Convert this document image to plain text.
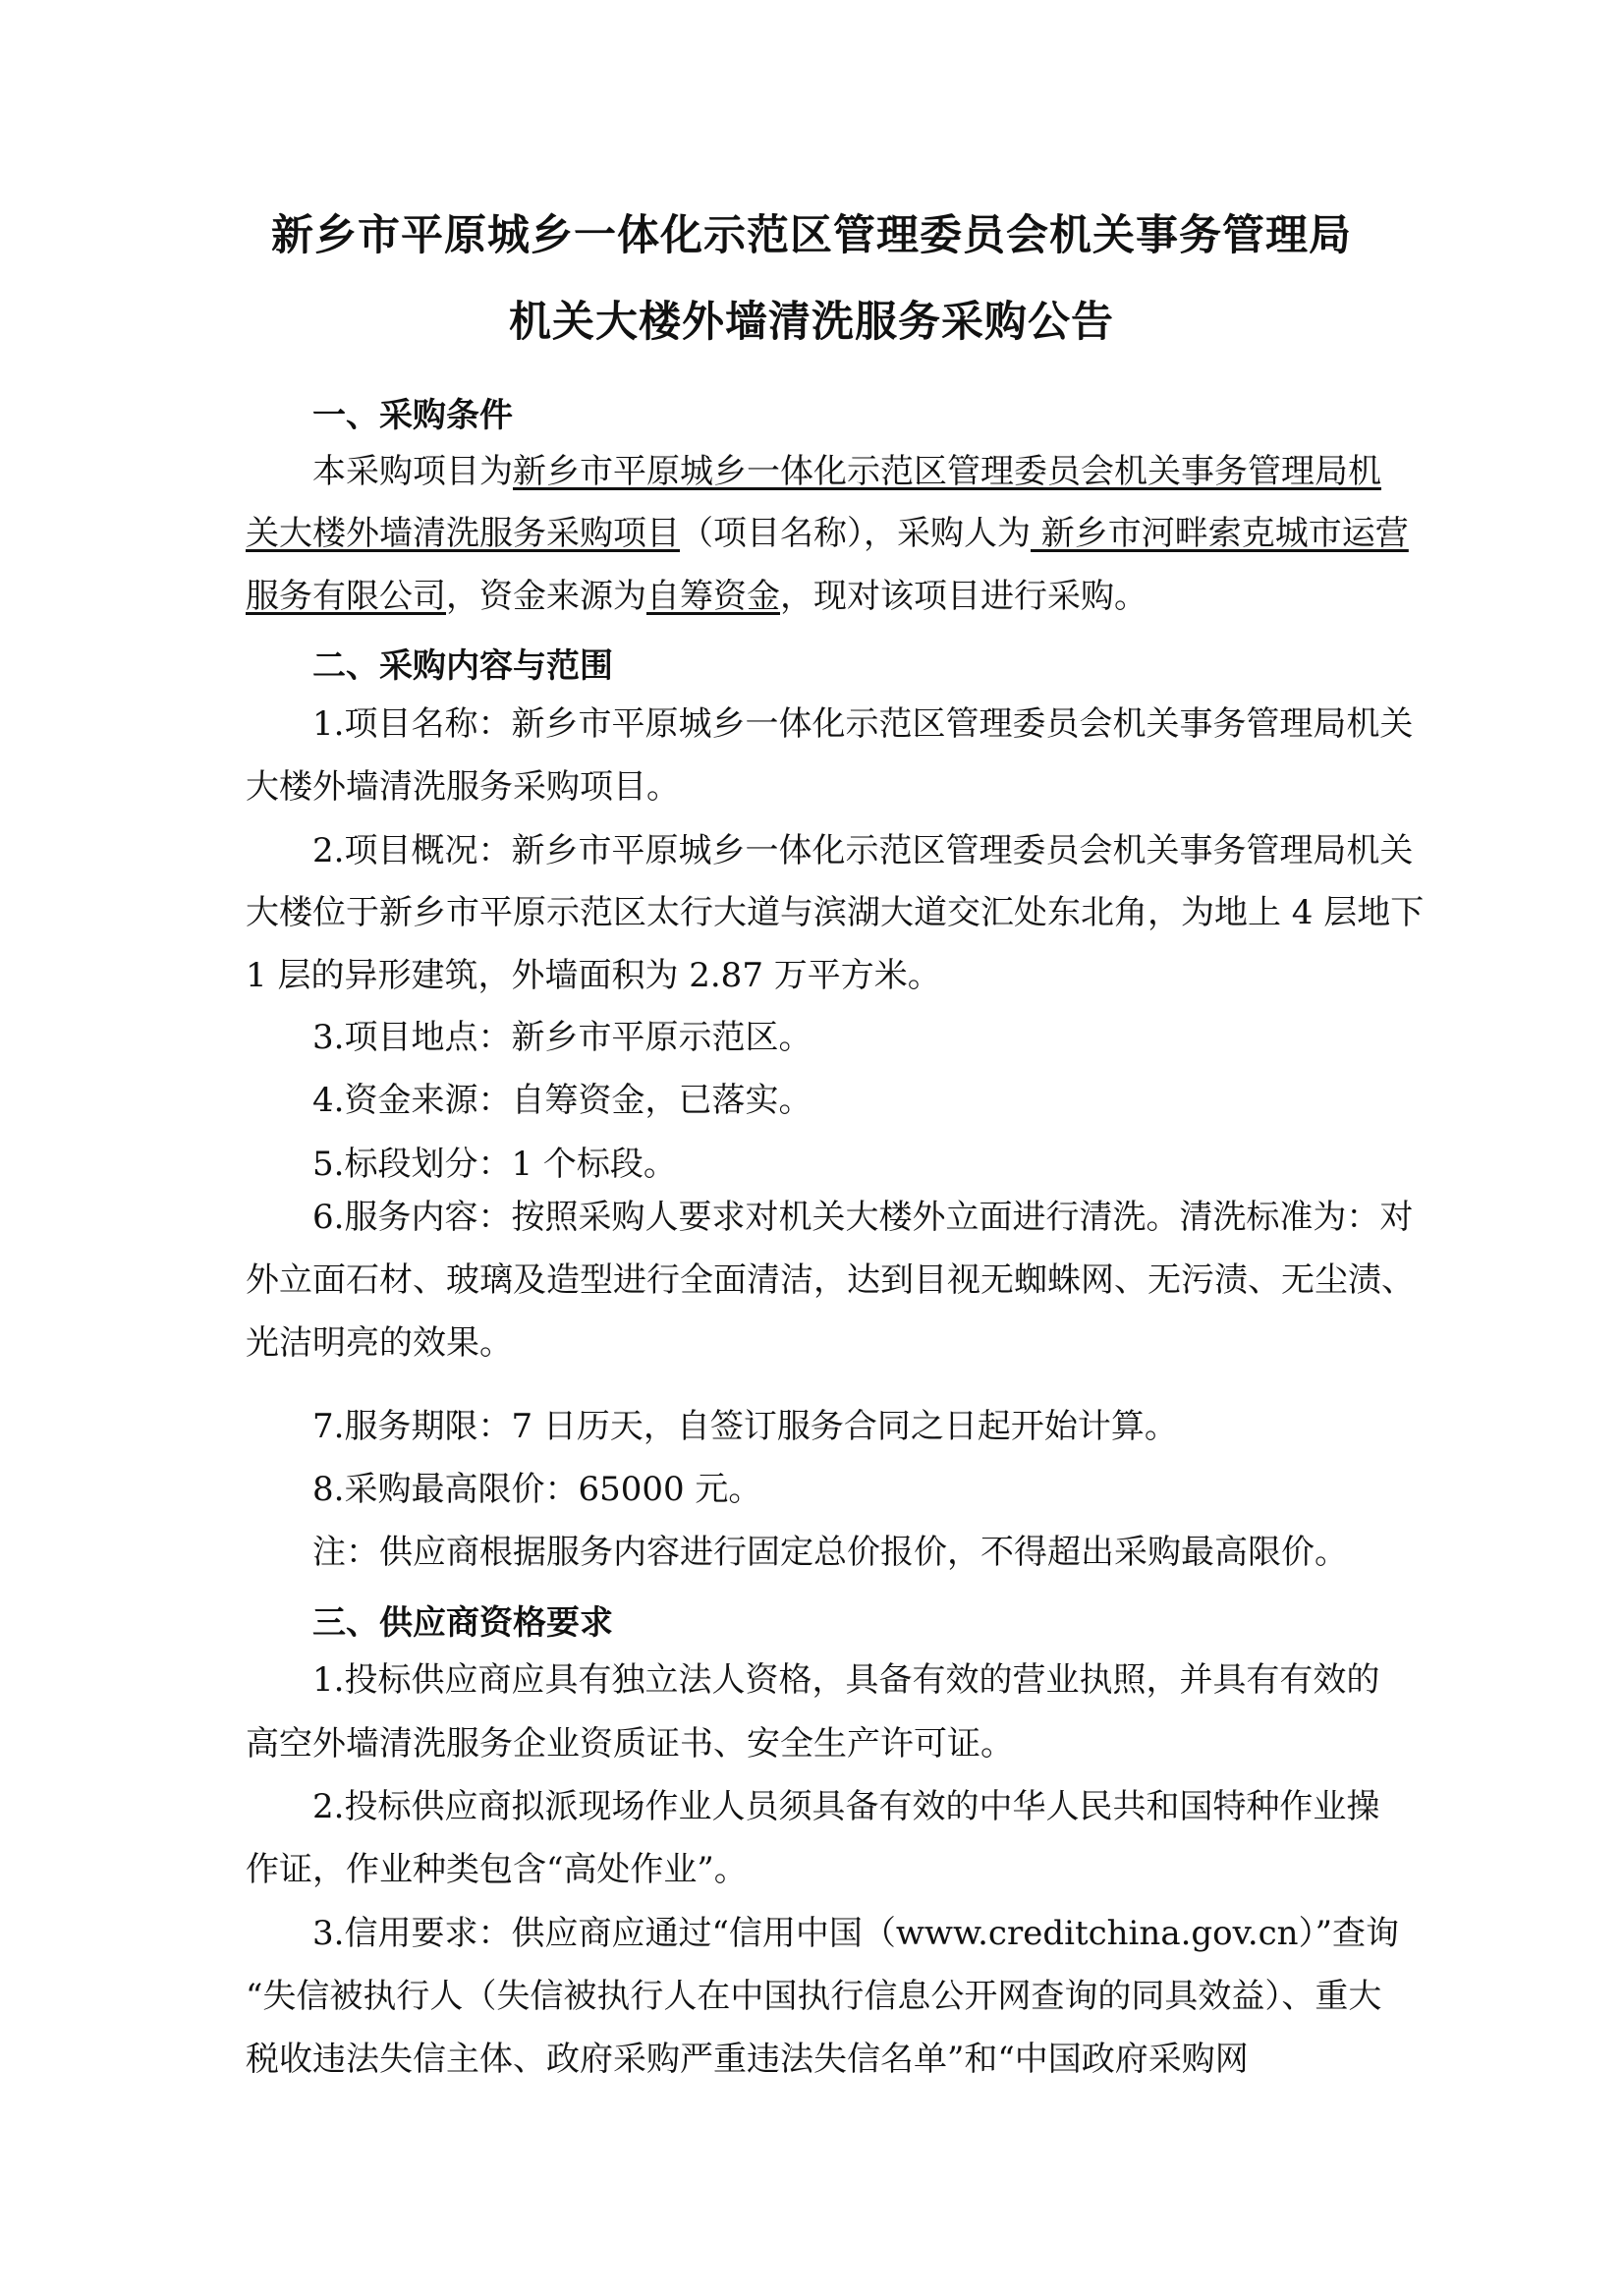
新乡市平原城乡一体化示范区管理委员会机关事务管理局
机关大楼外墙清洗服务采购公告
一、采购条件
本采购项目为新乡市平原城乡一体化示范区管理委员会机关事务管理局机
关大楼外墙清洗服务采购项目（项目名称），采购人为 新乡市河畔索克城市运营
服务有限公司，资金来源为自筹资金，现对该项目进行采购。
二、采购内容与范围
1.项目名称：新乡市平原城乡一体化示范区管理委员会机关事务管理局机关
大楼外墙清洗服务采购项目。
2.项目概况：新乡市平原城乡一体化示范区管理委员会机关事务管理局机关
大楼位于新乡市平原示范区太行大道与滨湖大道交汇处东北角，为地上 4 层地下
1 层的异形建筑，外墙面积为 2.87 万平方米。
3.项目地点：新乡市平原示范区。
4.资金来源：自筹资金，已落实。
5.标段划分：1 个标段。
6.服务内容：按照采购人要求对机关大楼外立面进行清洗。清洗标准为：对
外立面石材、玻璃及造型进行全面清洁，达到目视无蜘蛛网、无污渍、无尘渍、
光洁明亮的效果。
7.服务期限：7 日历天，自签订服务合同之日起开始计算。
8.采购最高限价：65000 元。
注：供应商根据服务内容进行固定总价报价，不得超出采购最高限价。
三、供应商资格要求
1.投标供应商应具有独立法人资格，具备有效的营业执照，并具有有效的
高空外墙清洗服务企业资质证书、安全生产许可证。
2.投标供应商拟派现场作业人员须具备有效的中华人民共和国特种作业操
作证，作业种类包含“高处作业”。
3.信用要求：供应商应通过“信用中国（www.creditchina.gov.cn）”查询
“失信被执行人（失信被执行人在中国执行信息公开网查询的同具效益）、重大
税收违法失信主体、政府采购严重违法失信名单”和“中国政府采购网
